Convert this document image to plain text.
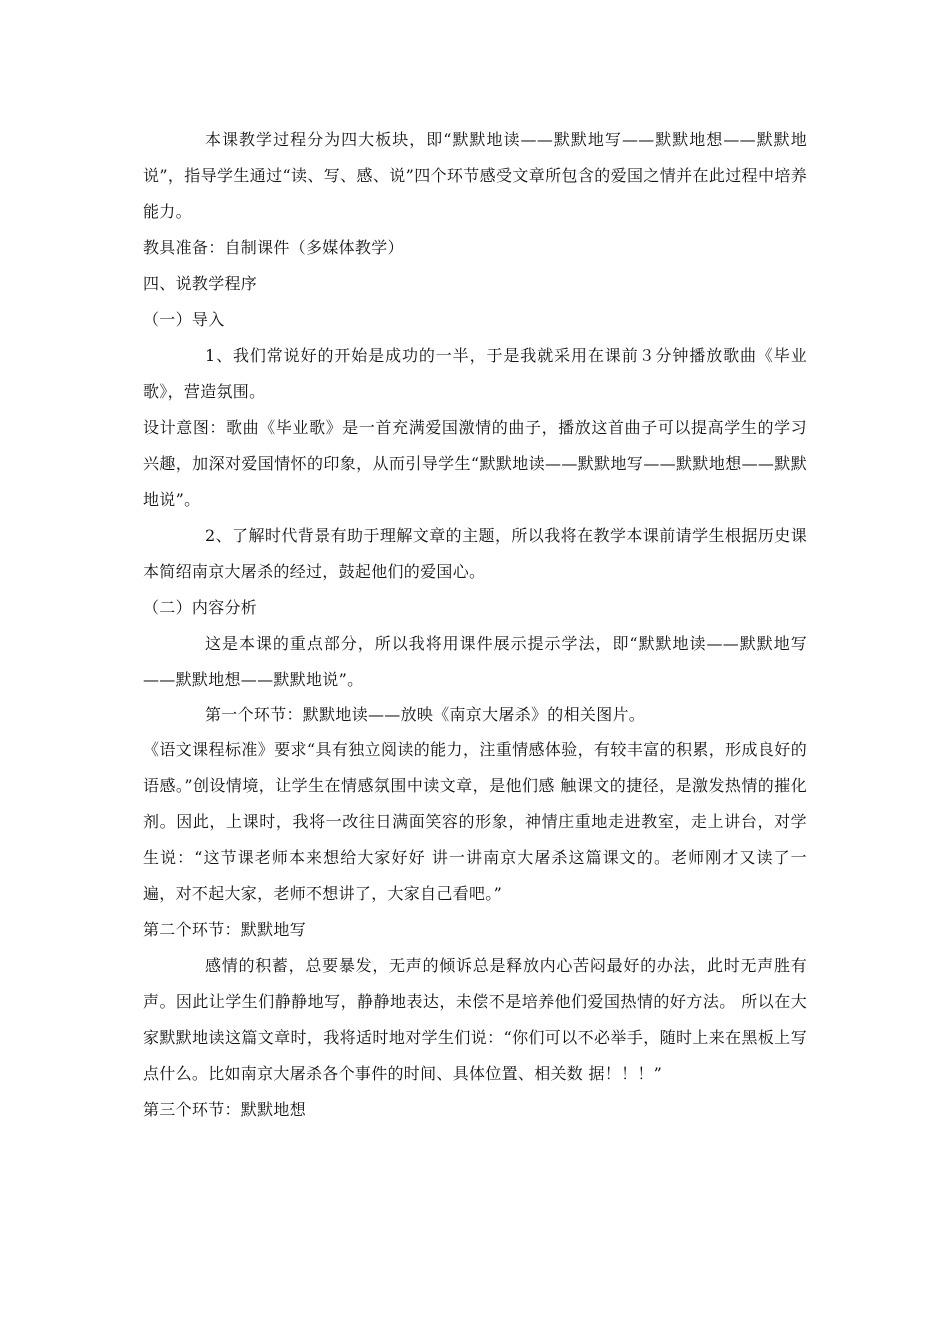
本课教学过程分为四大板块，即“默默地读——默默地写——默默地想——默默地说”，指导学生通过“读、写、感、说”四个环节感受文章所包含的爱国之情并在此过程中培养能力。

教具准备：自制课件（多媒体教学）

四、说教学程序

（一）导入

1、我们常说好的开始是成功的一半，于是我就采用在课前３分钟播放歌曲《毕业歌》，营造氛围。

设计意图：歌曲《毕业歌》是一首充满爱国激情的曲子，播放这首曲子可以提高学生的学习兴趣，加深对爱国情怀的印象，从而引导学生“默默地读——默默地写——默默地想——默默地说”。

2、了解时代背景有助于理解文章的主题，所以我将在教学本课前请学生根据历史课本简绍南京大屠杀的经过，鼓起他们的爱国心。

（二）内容分析

这是本课的重点部分，所以我将用课件展示提示学法，即“默默地读——默默地写——默默地想——默默地说”。

第一个环节：默默地读——放映《南京大屠杀》的相关图片。

《语文课程标准》要求“具有独立阅读的能力，注重情感体验，有较丰富的积累，形成良好的语感。”创设情境，让学生在情感氛围中读文章，是他们感 触课文的捷径，是激发热情的摧化剂。因此，上课时，我将一改往日满面笑容的形象，神情庄重地走进教室，走上讲台，对学生说：“这节课老师本来想给大家好好 讲一讲南京大屠杀这篇课文的。老师刚才又读了一遍，对不起大家，老师不想讲了，大家自己看吧。”

第二个环节：默默地写

感情的积蓄，总要暴发，无声的倾诉总是释放内心苦闷最好的办法，此时无声胜有声。因此让学生们静静地写，静静地表达，未偿不是培养他们爱国热情的好方法。 所以在大家默默地读这篇文章时，我将适时地对学生们说：“你们可以不必举手，随时上来在黑板上写点什么。比如南京大屠杀各个事件的时间、具体位置、相关数 据！！！”

第三个环节：默默地想
